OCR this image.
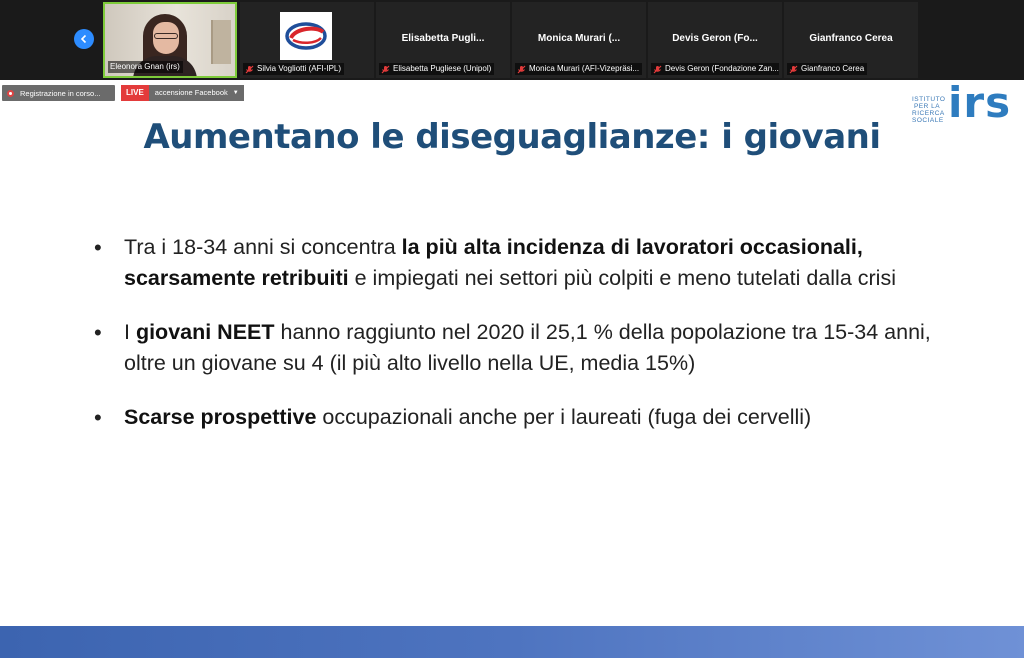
Eleonora Gnan (irs)	Silvia Vogliotti (AFI-IPL)
Elisabetta Pugli...
Elisabetta Pugliese (Unipol)
Monica Murari (...
Monica Murari (AFI-Vizepräsi...
Devis Geron (Fo...
Devis Geron (Fondazione Zan...
Gianfranco Cerea
Gianfranco Cerea
ISTITUTO
PER LA
RICERCA
SOCIALE irs
Aumentano le diseguaglianze: i giovani
• Tra i 18-34 anni si concentra la più alta incidenza di lavoratori occasionali, scarsamente retribuiti e impiegati nei settori più colpiti e meno tutelati dalla crisi
• I giovani NEET hanno raggiunto nel 2020 il 25,1 % della popolazione tra 15-34 anni, oltre un giovane su 4 (il più alto livello nella UE, media 15%)
• Scarse prospettive occupazionali anche per i laureati (fuga dei cervelli)
Registrazione in corso...	LIVE	accensione Facebook ▼
